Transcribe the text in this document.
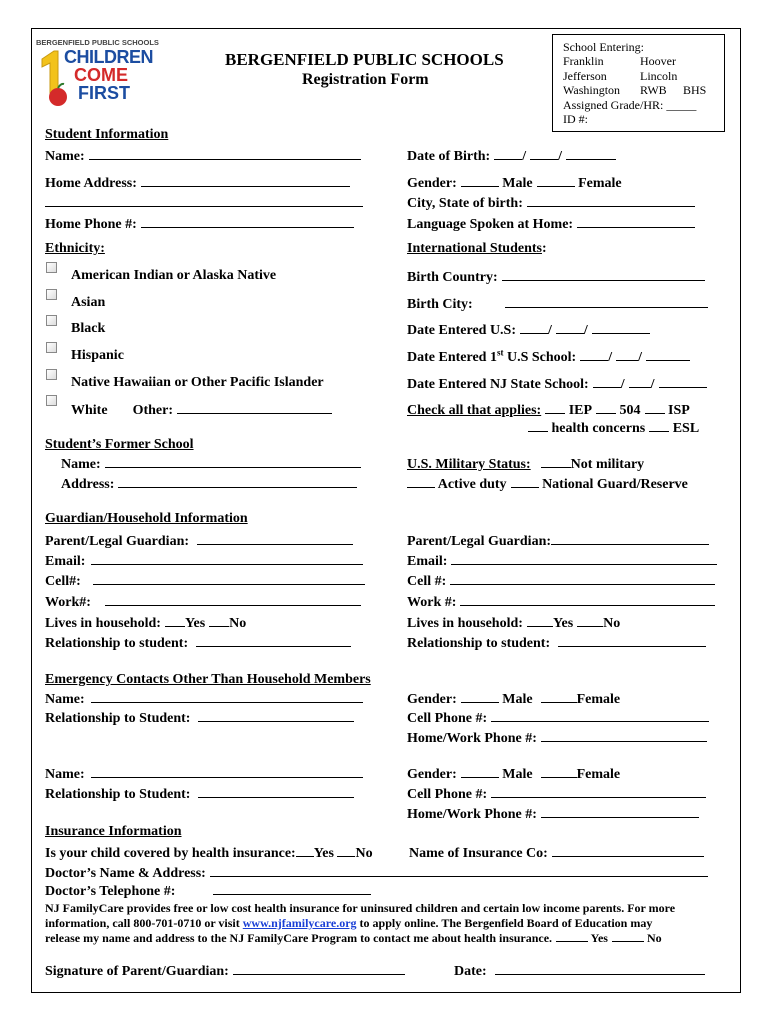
BERGENFIELD PUBLIC SCHOOLS
CHILDREN
COME
FIRST
BERGENFIELD PUBLIC SCHOOLS
Registration Form
School Entering:
Franklin	Hoover
Jefferson	Lincoln
Washington RWB BHS
Assigned Grade/HR: _____
ID #:
Student Information
Name:	Date of Birth: / /
Home Address:
Home Phone #:
Gender:	Male	Female
City, State of birth:
Language Spoken at Home:
Ethnicity:
American Indian or Alaska Native
Asian
Black
Hispanic
Native Hawaiian or Other Pacific Islander
White Other:
International Students:
Birth Country:
Birth City:
Date Entered U.S: / /
Date Entered 1st U.S School: / /
Date Entered NJ State School: / /
Check all that applies: IEP 504 ISP
health concerns ESL
Student’s Former School
Name:
Address:
U.S. Military Status:	Not military
Active duty	National Guard/Reserve
Guardian/Household Information
Parent/Legal Guardian:
Email:
Cell#:
Work#:
Lives in household: Yes No
Relationship to student:
Parent/Legal Guardian:
Email:
Cell #:
Work #:
Lives in household: Yes No
Relationship to student:
Emergency Contacts Other Than Household Members
Name:
Relationship to Student:
Gender:	Male	Female
Cell Phone #:
Home/Work Phone #:
Name:
Relationship to Student:
Gender:	Male	Female
Cell Phone #:
Home/Work Phone #:
Insurance Information
Is your child covered by health insurance: Yes No	Name of Insurance Co:
Doctor’s Name & Address:
Doctor’s Telephone #:
NJ FamilyCare provides free or low cost health insurance for uninsured children and certain low income parents. For more
information, call 800-701-0710 or visit www.njfamilycare.org to apply online. The Bergenfield Board of Education may
release my name and address to the NJ FamilyCare Program to contact me about health insurance.	Yes	No
Signature of Parent/Guardian:	Date:
